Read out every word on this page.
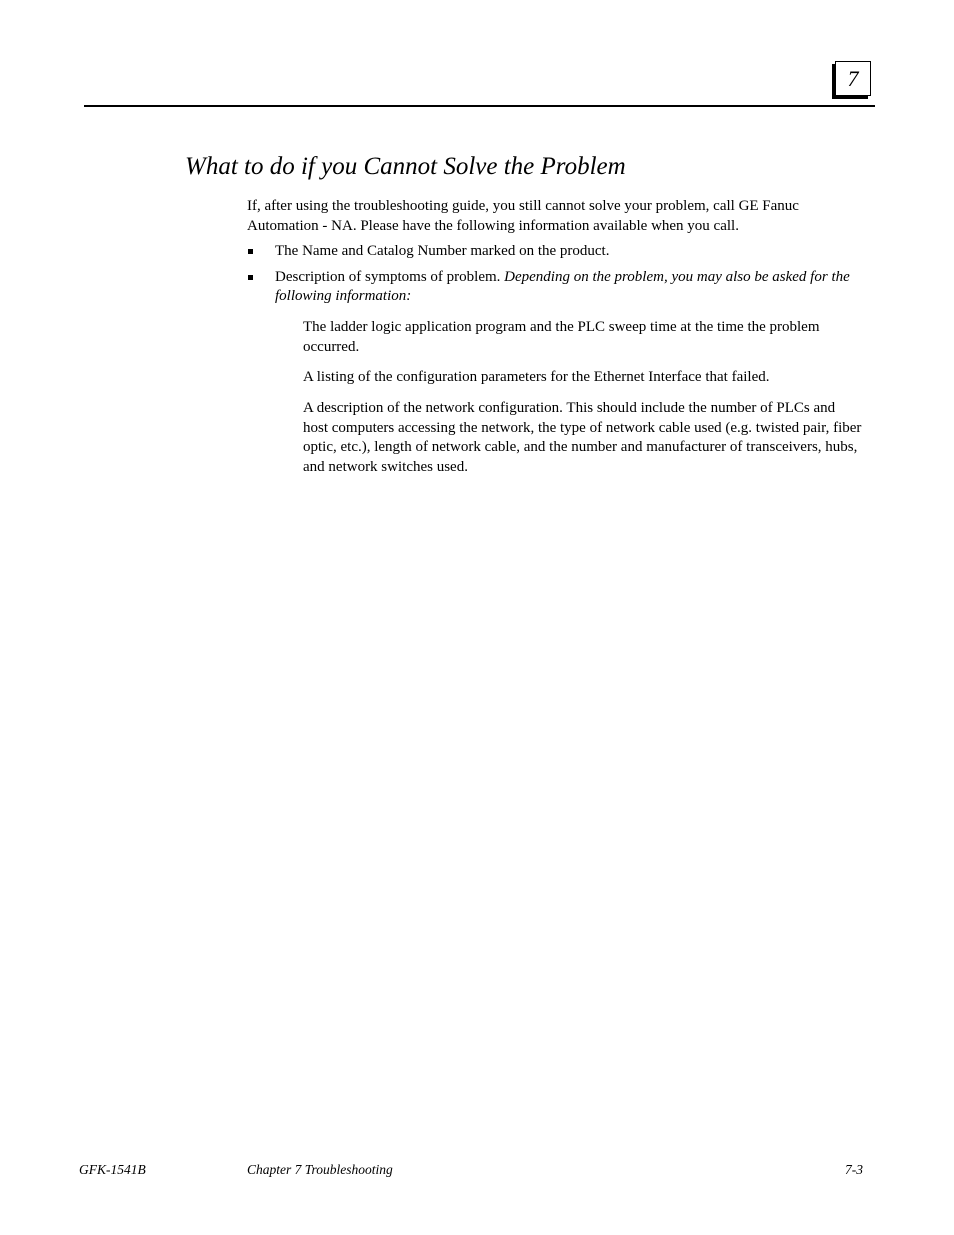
7
What to do if you Cannot Solve the Problem

If, after using the troubleshooting guide, you still cannot solve your problem, call GE Fanuc Automation - NA. Please have the following information available when you call.

The Name and Catalog Number marked on the product.
Description of symptoms of problem. Depending on the problem, you may also be asked for the following information:

The ladder logic application program and the PLC sweep time at the time the problem occurred.

A listing of the configuration parameters for the Ethernet Interface that failed.

A description of the network configuration. This should include the number of PLCs and host computers accessing the network, the type of network cable used (e.g. twisted pair, fiber optic, etc.), length of network cable, and the number and manufacturer of transceivers, hubs, and network switches used.

GFK-1541B	Chapter 7 Troubleshooting	7-3
